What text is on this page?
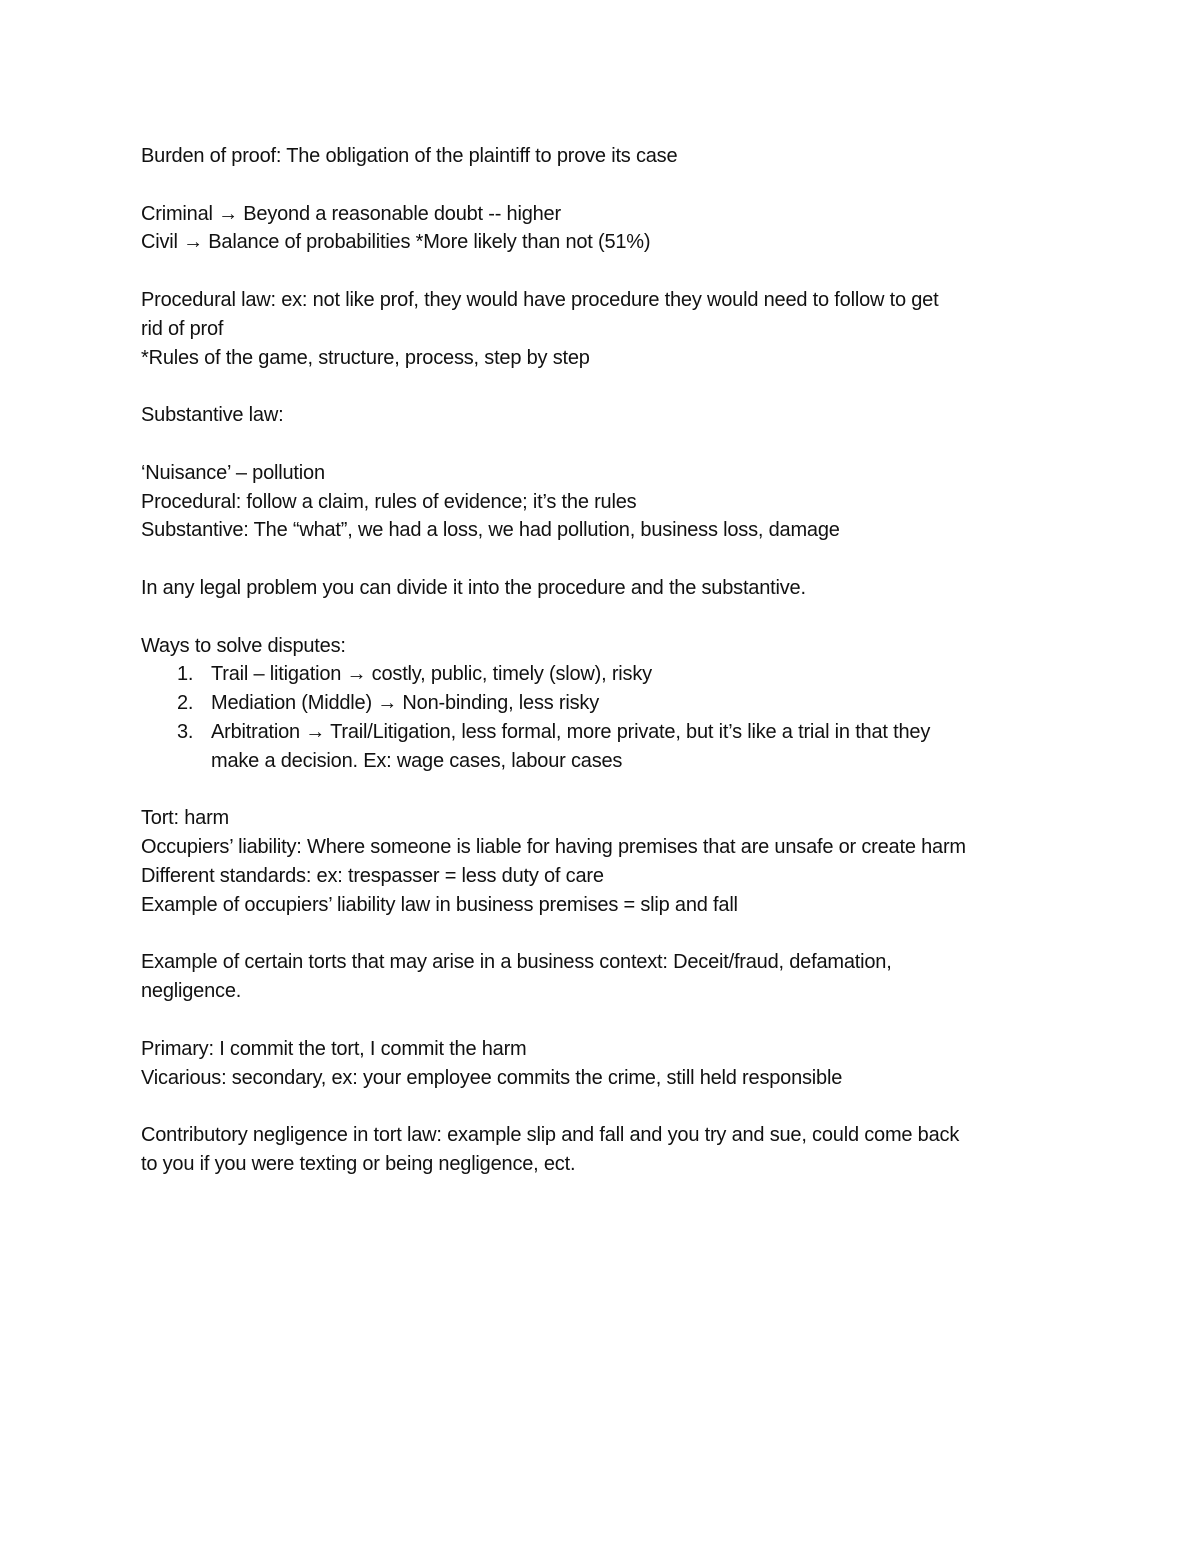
Burden of proof: The obligation of the plaintiff to prove its case

Criminal → Beyond a reasonable doubt -- higher

Civil → Balance of probabilities *More likely than not (51%)

Procedural law: ex: not like prof, they would have procedure they would need to follow to get

rid of prof

*Rules of the game, structure, process, step by step

Substantive law:

‘Nuisance’ – pollution

Procedural: follow a claim, rules of evidence; it’s the rules

Substantive: The “what”, we had a loss, we had pollution, business loss, damage

In any legal problem you can divide it into the procedure and the substantive.

Ways to solve disputes:

1. Trail – litigation → costly, public, timely (slow), risky
2. Mediation (Middle) → Non-binding, less risky
3. Arbitration → Trail/Litigation, less formal, more private, but it’s like a trial in that they
make a decision. Ex: wage cases, labour cases

Tort: harm

Occupiers’ liability: Where someone is liable for having premises that are unsafe or create harm

Different standards: ex: trespasser = less duty of care

Example of occupiers’ liability law in business premises = slip and fall

Example of certain torts that may arise in a business context: Deceit/fraud, defamation,

negligence.

Primary: I commit the tort, I commit the harm

Vicarious: secondary, ex: your employee commits the crime, still held responsible

Contributory negligence in tort law: example slip and fall and you try and sue, could come back

to you if you were texting or being negligence, ect.
